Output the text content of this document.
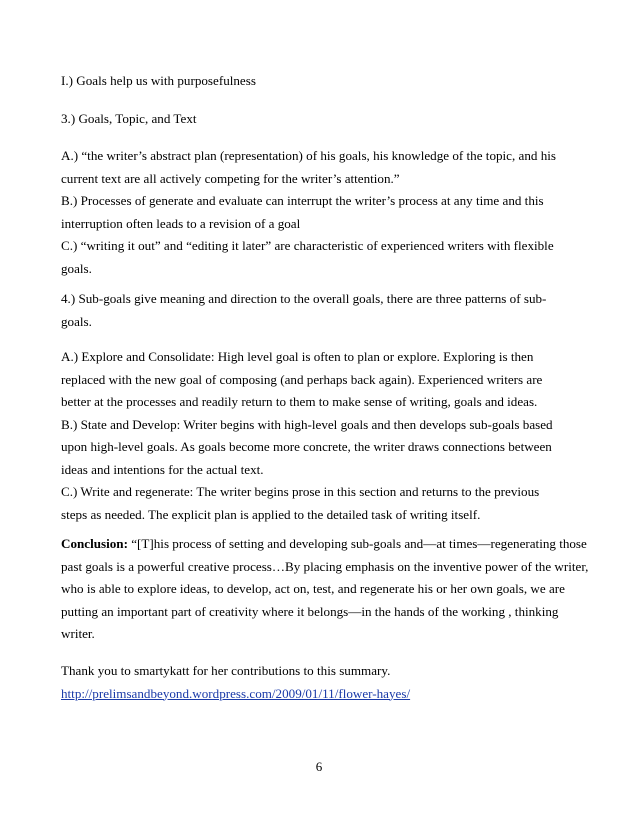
I.) Goals help us with purposefulness
3.) Goals, Topic, and Text
A.) “the writer’s abstract plan (representation) of his goals, his knowledge of the topic, and his
current text are all actively competing for the writer’s attention.”
B.) Processes of generate and evaluate can interrupt the writer’s process at any time and this
interruption often leads to a revision of a goal
C.) “writing it out” and “editing it later” are characteristic of experienced writers with flexible
goals.
4.) Sub-goals give meaning and direction to the overall goals, there are three patterns of sub-
goals.
A.) Explore and Consolidate: High level goal is often to plan or explore. Exploring is then
replaced with the new goal of composing (and perhaps back again). Experienced writers are
better at the processes and readily return to them to make sense of writing, goals and ideas.
B.) State and Develop: Writer begins with high-level goals and then develops sub-goals based
upon high-level goals. As goals become more concrete, the writer draws connections between
ideas and intentions for the actual text.
C.) Write and regenerate: The writer begins prose in this section and returns to the previous
steps as needed. The explicit plan is applied to the detailed task of writing itself.
Conclusion: “[T]his process of setting and developing sub-goals and—at times—regenerating those
past goals is a powerful creative process…By placing emphasis on the inventive power of the writer,
who is able to explore ideas, to develop, act on, test, and regenerate his or her own goals, we are
putting an important part of creativity where it belongs—in the hands of the working , thinking
writer.
Thank you to smartykatt for her contributions to this summary.
http://prelimsandbeyond.wordpress.com/2009/01/11/flower-hayes/
6
